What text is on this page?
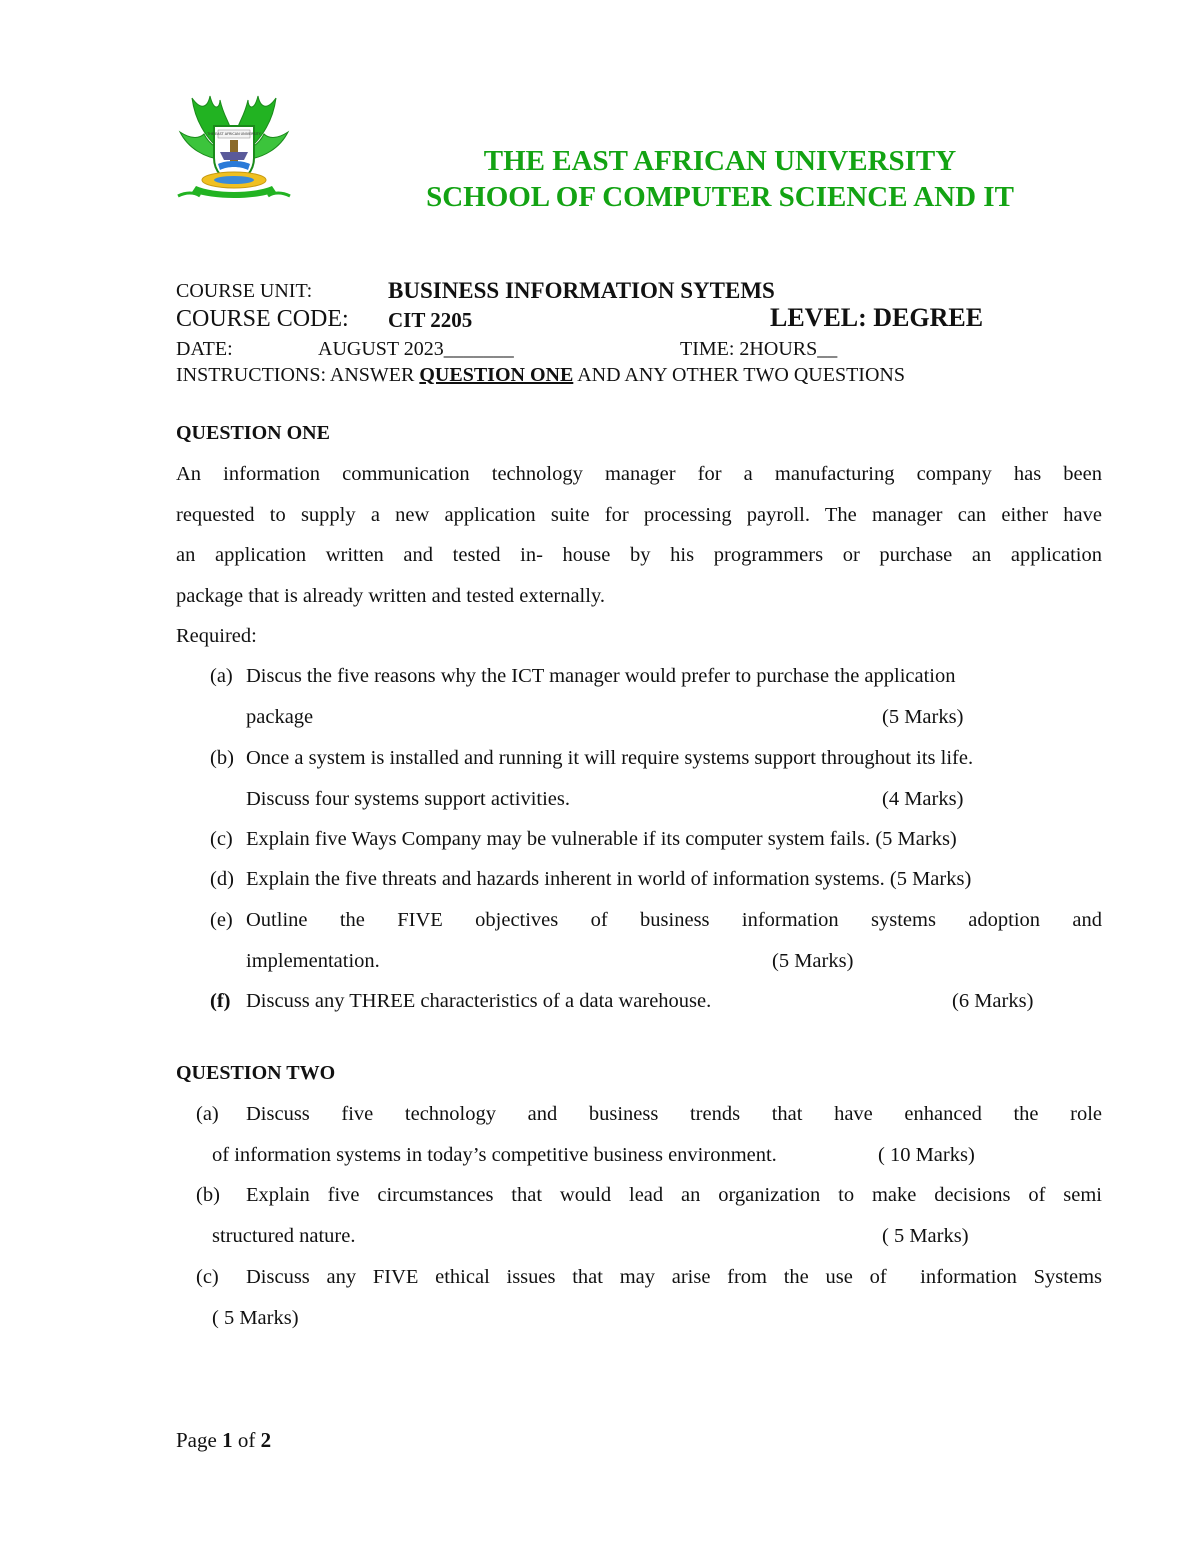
THE EAST AFRICAN UNIVERSITY
THE EAST AFRICAN UNIVERSITY
SCHOOL OF COMPUTER SCIENCE AND IT
COURSE UNIT:	BUSINESS INFORMATION SYTEMS
COURSE CODE: CIT 2205	LEVEL: DEGREE
DATE:	AUGUST 2023_______	TIME: 2HOURS__
INSTRUCTIONS: ANSWER QUESTION ONE AND ANY OTHER TWO QUESTIONS
QUESTION ONE
An information communication technology manager for a manufacturing company has been
requested to supply a new application suite for processing payroll. The manager can either have
an application written and tested in- house by his programmers or purchase an application
package that is already written and tested externally.
Required:
(a) Discus the five reasons why the ICT manager would prefer to purchase the application
package	(5 Marks)
(b) Once a system is installed and running it will require systems support throughout its life.
Discuss four systems support activities.	(4 Marks)
(c) Explain five Ways Company may be vulnerable if its computer system fails. (5 Marks)
(d) Explain the five threats and hazards inherent in world of information systems. (5 Marks)
(e) Outline the FIVE objectives of business information systems adoption and
implementation.	(5 Marks)
(f) Discuss any THREE characteristics of a data warehouse.	(6 Marks)
QUESTION TWO
(a) Discuss five technology and business trends that have enhanced the role
of information systems in today’s competitive business environment.	( 10 Marks)
(b) Explain five circumstances that would lead an organization to make decisions of semi
structured nature.	( 5 Marks)
(c) Discuss any FIVE ethical issues that may arise from the use of  information Systems
( 5 Marks)
Page 1 of 2
